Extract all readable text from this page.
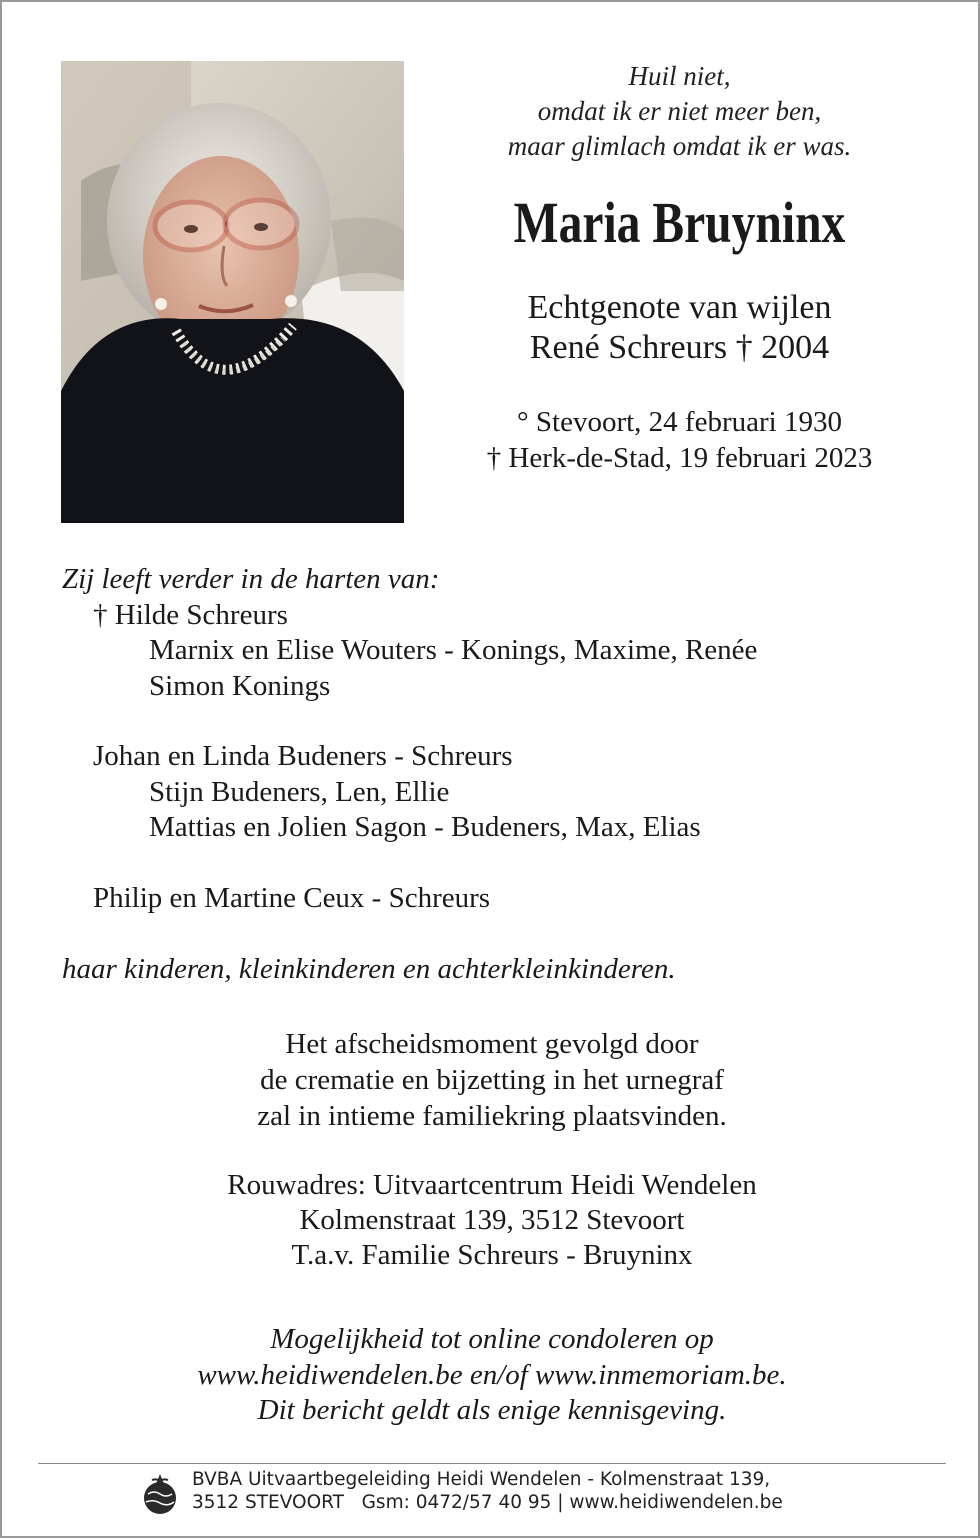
Huil niet,
omdat ik er niet meer ben,
maar glimlach omdat ik er was.
Maria Bruyninx
Echtgenote van wijlen
René Schreurs † 2004
° Stevoort, 24 februari 1930
† Herk-de-Stad, 19 februari 2023
Zij leeft verder in de harten van:
† Hilde Schreurs
Marnix en Elise Wouters - Konings, Maxime, Renée
Simon Konings
Johan en Linda Budeners - Schreurs
Stijn Budeners, Len, Ellie
Mattias en Jolien Sagon - Budeners, Max, Elias
Philip en Martine Ceux - Schreurs
haar kinderen, kleinkinderen en achterkleinkinderen.
Het afscheidsmoment gevolgd door
de crematie en bijzetting in het urnegraf
zal in intieme familiekring plaatsvinden.
Rouwadres: Uitvaartcentrum Heidi Wendelen
Kolmenstraat 139, 3512 Stevoort
T.a.v. Familie Schreurs - Bruyninx
Mogelijkheid tot online condoleren op
www.heidiwendelen.be en/of www.inmemoriam.be.
Dit bericht geldt als enige kennisgeving.
BVBA Uitvaartbegeleiding Heidi Wendelen - Kolmenstraat 139,
3512 STEVOORT   Gsm: 0472/57 40 95 | www.heidiwendelen.be
